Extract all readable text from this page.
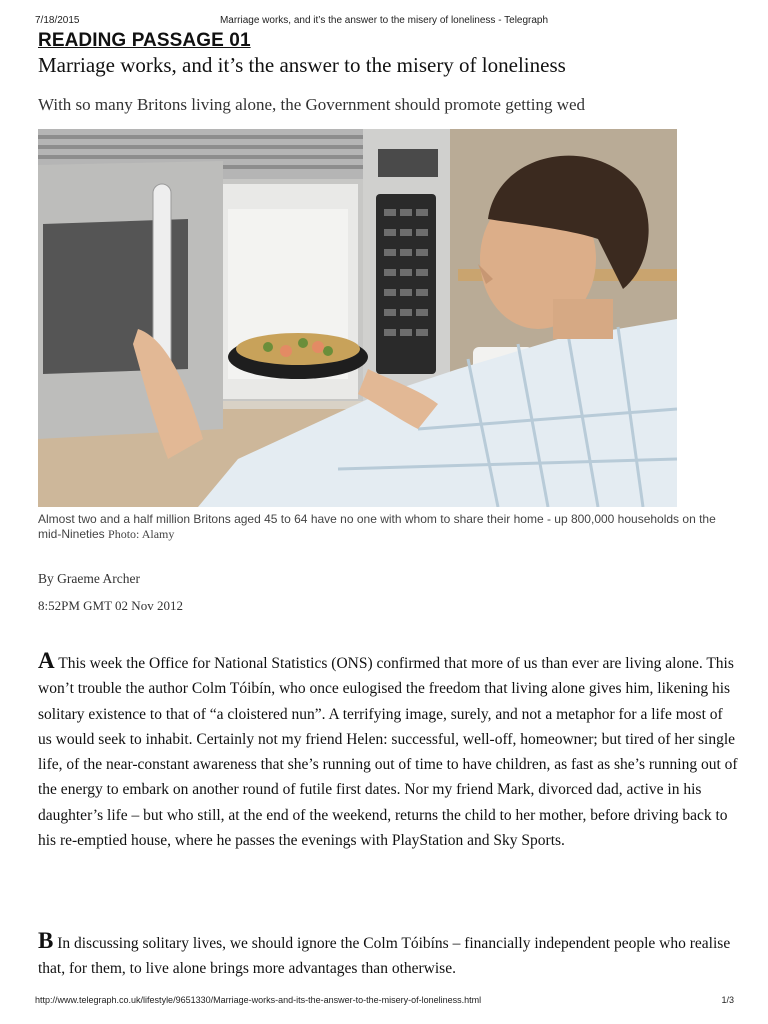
7/18/2015	Marriage works, and it’s the answer to the misery of loneliness - Telegraph
READING PASSAGE 01
Marriage works, and it’s the answer to the misery of loneliness
With so many Britons living alone, the Government should promote getting wed
Almost two and a half million Britons aged 45 to 64 have no one with whom to share their home - up 800,000 households on the mid-Nineties Photo: Alamy
By Graeme Archer
8:52PM GMT 02 Nov 2012

A This week the Office for National Statistics (ONS) confirmed that more of us than ever are living alone. This won’t trouble the author Colm Tóibín, who once eulogised the freedom that living alone gives him, likening his solitary existence to that of “a cloistered nun”. A terrifying image, surely, and not a metaphor for a life most of us would seek to inhabit. Certainly not my friend Helen: successful, well-off, homeowner; but tired of her single life, of the near-constant awareness that she’s running out of time to have children, as fast as she’s running out of the energy to embark on another round of futile first dates. Nor my friend Mark, divorced dad, active in his daughter’s life – but who still, at the end of the weekend, returns the child to her mother, before driving back to his re-emptied house, where he passes the evenings with PlayStation and Sky Sports.

B In discussing solitary lives, we should ignore the Colm Tóibíns – financially independent people who realise that, for them, to live alone brings more advantages than otherwise.

http://www.telegraph.co.uk/lifestyle/9651330/Marriage-works-and-its-the-answer-to-the-misery-of-loneliness.html	1/3
